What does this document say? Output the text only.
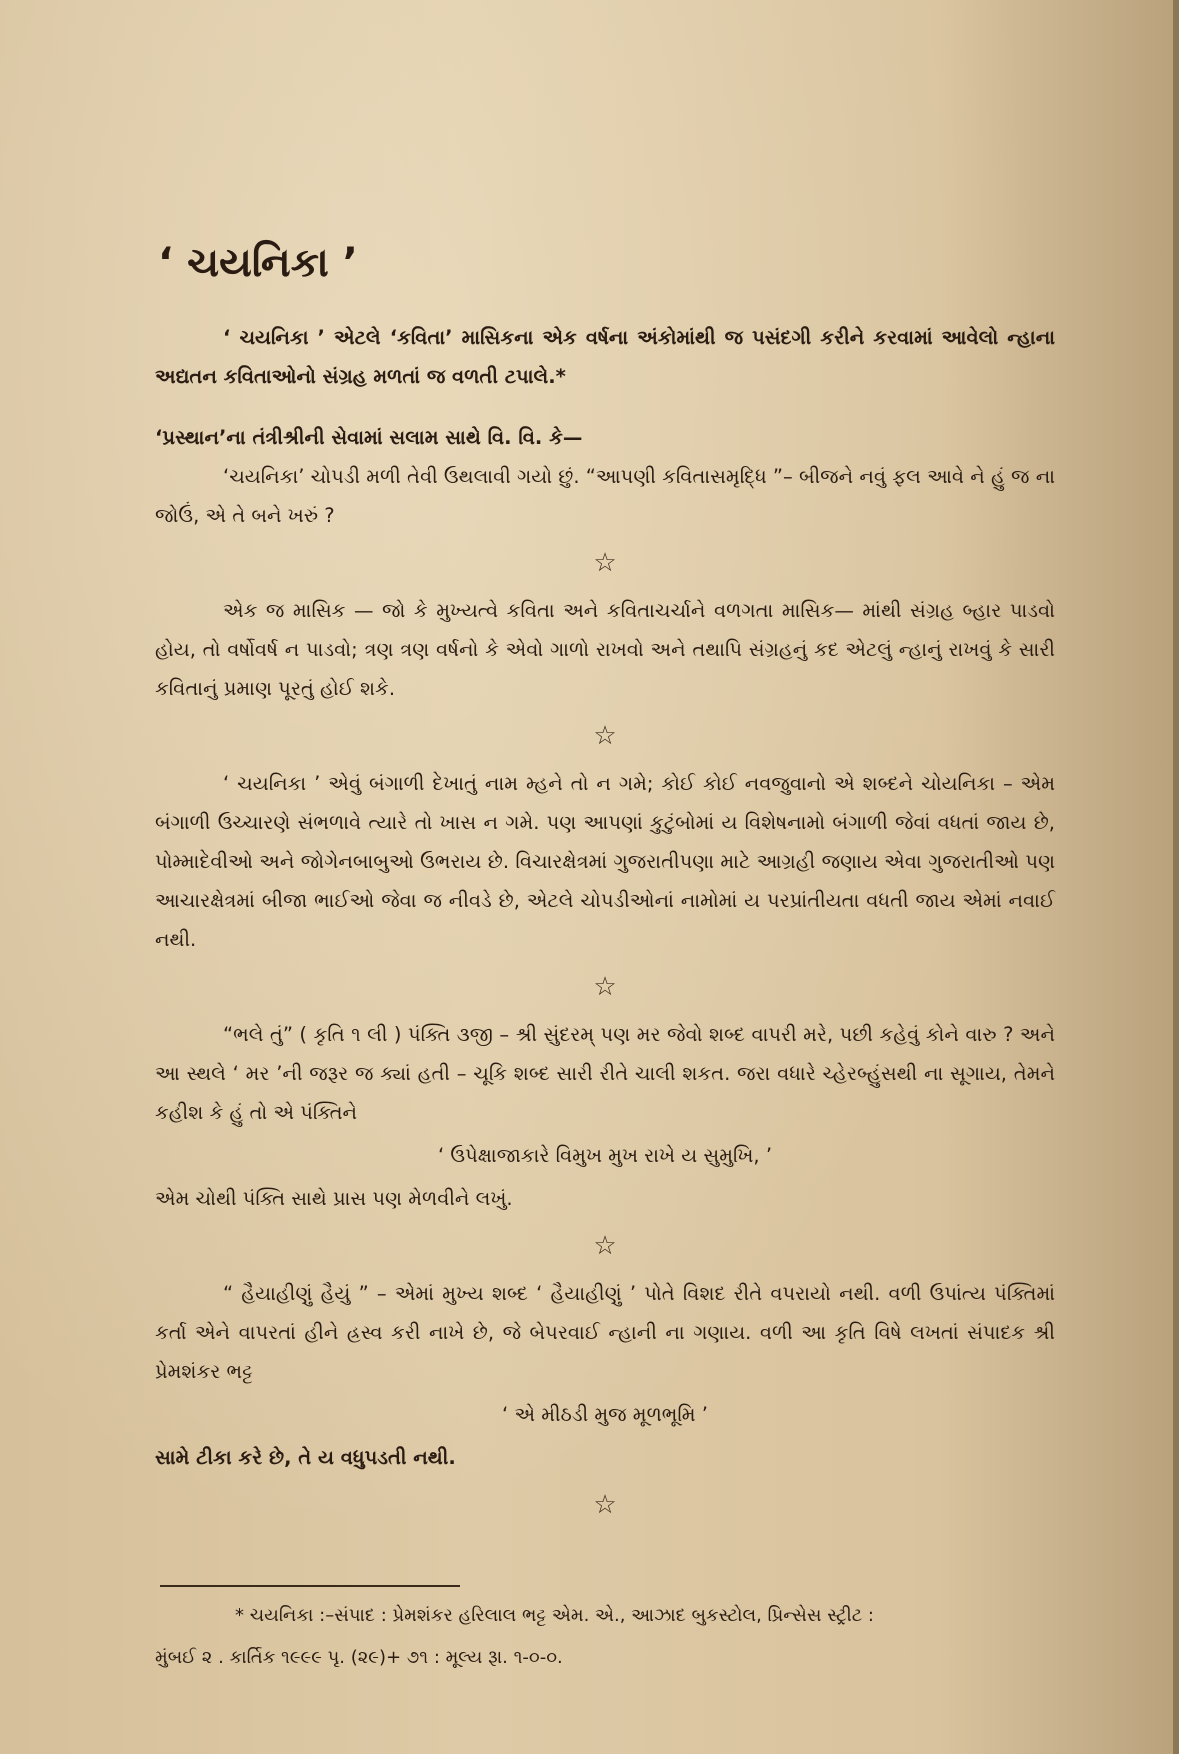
‘ ચયનિકા ’

‘ ચયનિકા ’ એટલે ‘કવિતા’ માસિકના એક વર્ષના અંકોમાંથી જ પસંદગી કરીને કરવામાં આવેલો ન્હાના અદ્યતન કવિતાઓનો સંગ્રહ મળતાં જ વળતી ટપાલે.*

‘પ્રસ્થાન’ના તંત્રીશ્રીની સેવામાં સલામ સાથે વિ. વિ. કે—

‘ચયનિકા’ ચોપડી મળી તેવી ઉથલાવી ગયો છું. “આપણી કવિતાસમૃદ્ધિ ”– બીજને નવું ફલ આવે ને હું જ ના જોઉં, એ તે બને ખરું ?

☆

એક જ માસિક — જો કે મુખ્યત્વે કવિતા અને કવિતાચર્ચાને વળગતા માસિક— માંથી સંગ્રહ બ્હાર પાડવો હોય, તો વર્ષોવર્ષ ન પાડવો; ત્રણ ત્રણ વર્ષનો કે એવો ગાળો રાખવો અને તથાપિ સંગ્રહનું કદ એટલું ન્હાનું રાખવું કે સારી કવિતાનું પ્રમાણ પૂરતું હોઈ શકે.

☆

‘ ચયનિકા ’ એવું બંગાળી દેખાતું નામ મ્હને તો ન ગમે; કોઈ કોઈ નવજુવાનો એ શબ્દને ચોયનિકા – એમ બંગાળી ઉચ્ચારણે સંભળાવે ત્યારે તો ખાસ ન ગમે. પણ આપણાં કુટુંબોમાં ય વિશેષનામો બંગાળી જેવાં વધતાં જાય છે, પોમ્માદેવીઓ અને જોગેનબાબુઓ ઉભરાય છે. વિચારક્ષેત્રમાં ગુજરાતીપણા માટે આગ્રહી જણાય એવા ગુજરાતીઓ પણ આચારક્ષેત્રમાં બીજા ભાઈઓ જેવા જ નીવડે છે, એટલે ચોપડીઓનાં નામોમાં ય પરપ્રાંતીયતા વધતી જાય એમાં નવાઈ નથી.

☆

“ભલે તું” ( કૃતિ ૧ લી ) પંક્તિ ૩જી – શ્રી સુંદરમ્ પણ મર જેવો શબ્દ વાપરી મરે, પછી કહેવું કોને વારુ ? અને આ સ્થલે ‘ મર ’ની જરૂર જ ક્યાં હતી – ચૂકિ શબ્દ સારી રીતે ચાલી શકત. જરા વધારે ચ્હેરબ્હુંસથી ના સૂગાય, તેમને કહીશ કે હું તો એ પંક્તિને

‘ ઉપેક્ષાજાકારે વિમુખ મુખ રાખે ય સુમુખિ, ’

એમ ચોથી પંક્તિ સાથે પ્રાસ પણ મેળવીને લખું.

☆

“ હૈયાહીણું હૈયું ” – એમાં મુખ્ય શબ્દ ‘ હૈયાહીણું ’ પોતે વિશદ રીતે વપરાયો નથી. વળી ઉપાંત્ય પંક્તિમાં કર્તા એને વાપરતાં હીને હ્રસ્વ કરી નાખે છે, જે બેપરવાઈ ન્હાની ના ગણાય. વળી આ કૃતિ વિષે લખતાં સંપાદક શ્રી પ્રેમશંકર ભટ્ટ

‘ એ મીઠડી મુજ મૂળભૂમિ ’

સામે ટીકા કરે છે, તે ય વધુપડતી નથી.

☆

* ચયનિકા :–સંપાદ : પ્રેમશંકર હરિલાલ ભટ્ટ એમ. એ., આઝાદ બુકસ્ટોલ, પ્રિન્સેસ સ્ટ્રીટ :

મુંબઈ ૨ . કાર્તિક ૧૯૯૯ પૃ. (૨૯)+ ૭૧ : મૂલ્ય રૂા. ૧-૦-૦.
